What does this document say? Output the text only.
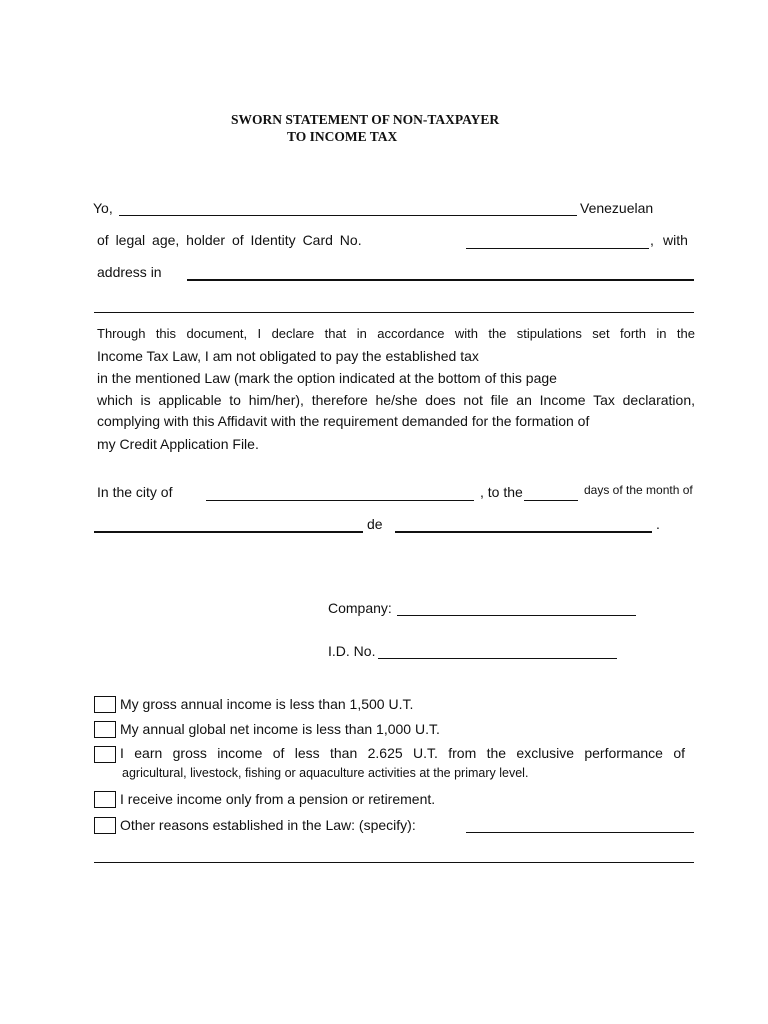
SWORN STATEMENT OF NON-TAXPAYER
TO INCOME TAX
Yo,	Venezuelan
of legal age, holder of Identity Card No.	, with
address in
Through this document, I declare that in accordance with the stipulations set forth in the
Income Tax Law, I am not obligated to pay the established tax
in the mentioned Law (mark the option indicated at the bottom of this page
which is applicable to him/her), therefore he/she does not file an Income Tax declaration,
complying with this Affidavit with the requirement demanded for the formation of
my Credit Application File.
In the city of	, to the	days of the month of
de	.
Company:
I.D. No.
My gross annual income is less than 1,500 U.T.
My annual global net income is less than 1,000 U.T.
I earn gross income of less than 2.625 U.T. from the exclusive performance of
agricultural, livestock, fishing or aquaculture activities at the primary level.
I receive income only from a pension or retirement.
Other reasons established in the Law: (specify):
